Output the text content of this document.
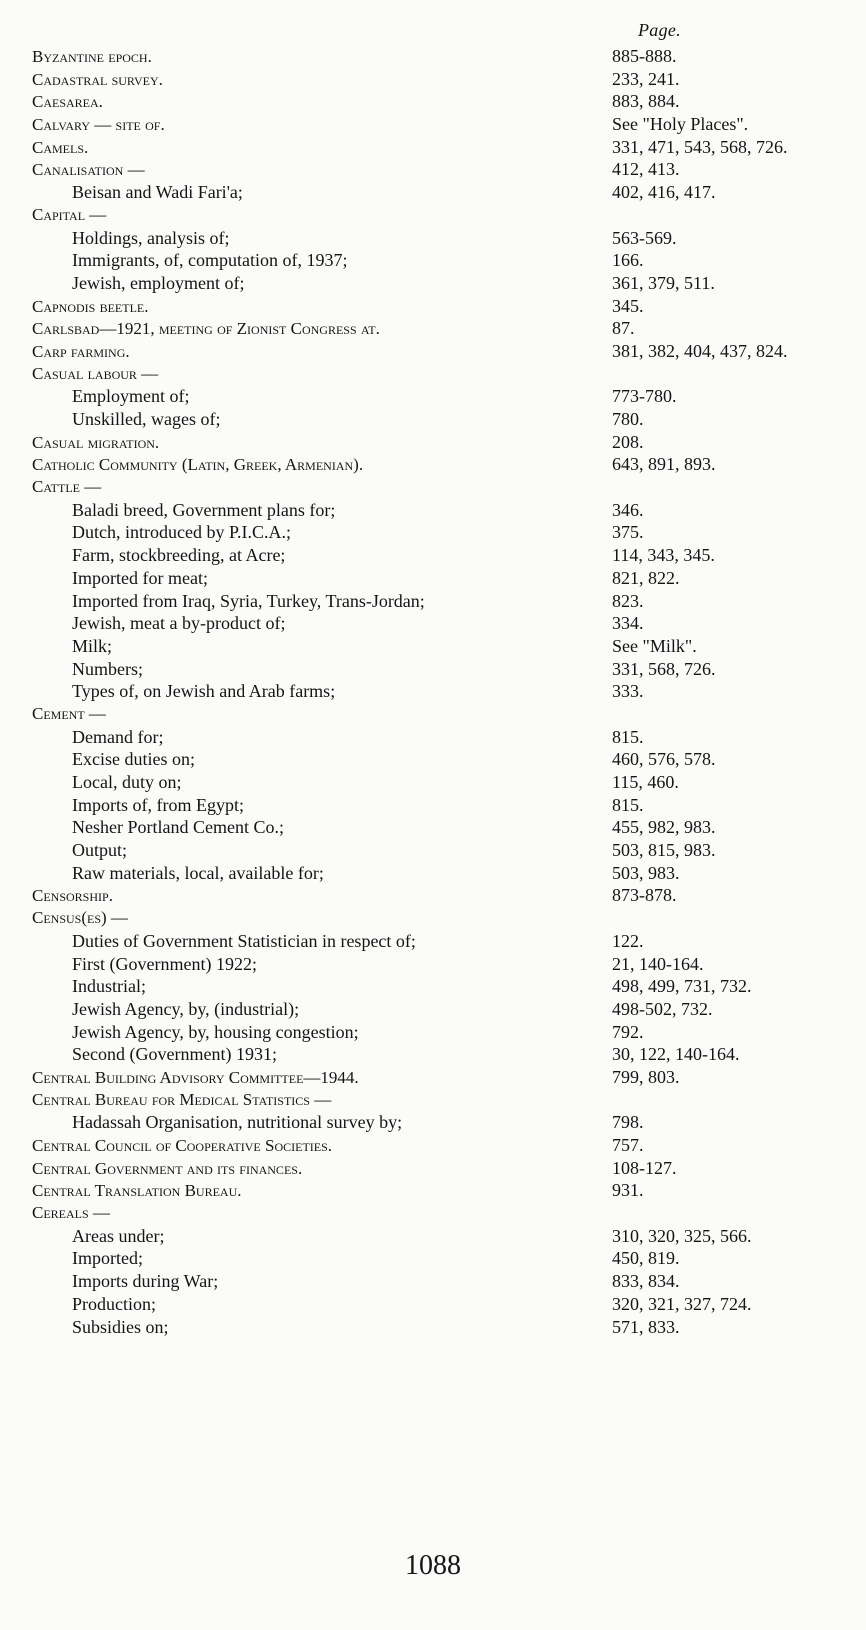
Page.
Byzantine epoch.	885-888.
Cadastral survey.	233, 241.
Caesarea.	883, 884.
Calvary — site of.	See "Holy Places".
Camels.	331, 471, 543, 568, 726.
Canalisation —	412, 413.
Beisan and Wadi Fari'a;	402, 416, 417.
Capital —
Holdings, analysis of;	563-569.
Immigrants, of, computation of, 1937;	166.
Jewish, employment of;	361, 379, 511.
Capnodis beetle.	345.
Carlsbad—1921, meeting of Zionist Congress at.	87.
Carp farming.	381, 382, 404, 437, 824.
Casual labour —
Employment of;	773-780.
Unskilled, wages of;	780.
Casual migration.	208.
Catholic Community (Latin, Greek, Armenian).	643, 891, 893.
Cattle —
Baladi breed, Government plans for;	346.
Dutch, introduced by P.I.C.A.;	375.
Farm, stockbreeding, at Acre;	114, 343, 345.
Imported for meat;	821, 822.
Imported from Iraq, Syria, Turkey, Trans-Jordan;	823.
Jewish, meat a by-product of;	334.
Milk;	See "Milk".
Numbers;	331, 568, 726.
Types of, on Jewish and Arab farms;	333.
Cement —
Demand for;	815.
Excise duties on;	460, 576, 578.
Local, duty on;	115, 460.
Imports of, from Egypt;	815.
Nesher Portland Cement Co.;	455, 982, 983.
Output;	503, 815, 983.
Raw materials, local, available for;	503, 983.
Censorship.	873-878.
Census(es) —
Duties of Government Statistician in respect of;	122.
First (Government) 1922;	21, 140-164.
Industrial;	498, 499, 731, 732.
Jewish Agency, by, (industrial);	498-502, 732.
Jewish Agency, by, housing congestion;	792.
Second (Government) 1931;	30, 122, 140-164.
Central Building Advisory Committee—1944.	799, 803.
Central Bureau for Medical Statistics —
Hadassah Organisation, nutritional survey by;	798.
Central Council of Cooperative Societies.	757.
Central Government and its finances.	108-127.
Central Translation Bureau.	931.
Cereals —
Areas under;	310, 320, 325, 566.
Imported;	450, 819.
Imports during War;	833, 834.
Production;	320, 321, 327, 724.
Subsidies on;	571, 833.
1088
